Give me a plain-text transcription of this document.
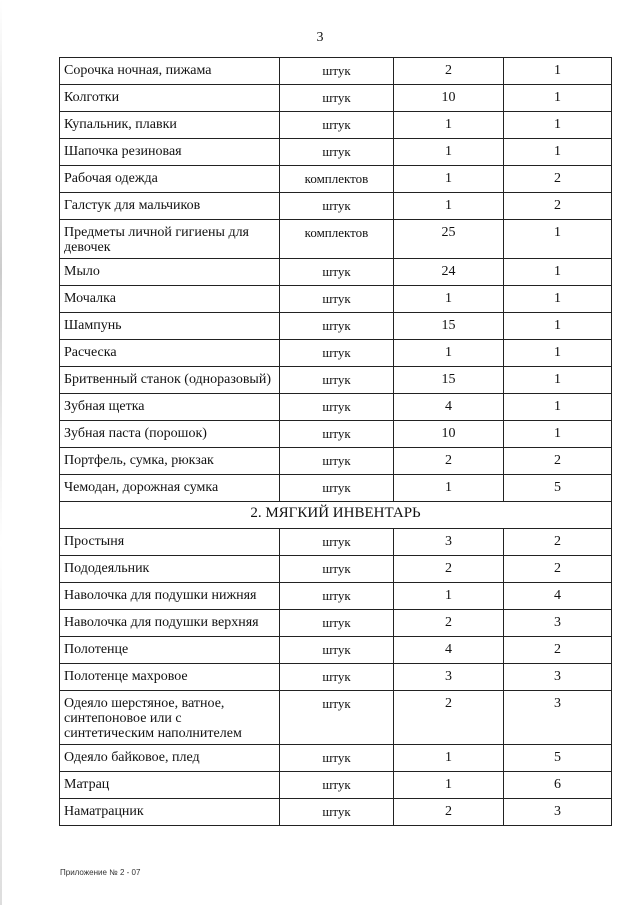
3
Сорочка ночная, пижама	штук	2	1
Колготки	штук	10	1
Купальник, плавки	штук	1	1
Шапочка резиновая	штук	1	1
Рабочая одежда	комплектов	1	2
Галстук для мальчиков	штук	1	2
Предметы личной гигиены для девочек	комплектов	25	1
Мыло	штук	24	1
Мочалка	штук	1	1
Шампунь	штук	15	1
Расческа	штук	1	1
Бритвенный станок (одноразовый)	штук	15	1
Зубная щетка	штук	4	1
Зубная паста (порошок)	штук	10	1
Портфель, сумка, рюкзак	штук	2	2
Чемодан, дорожная сумка	штук	1	5
2. МЯГКИЙ ИНВЕНТАРЬ			
Простыня	штук	3	2
Пододеяльник	штук	2	2
Наволочка для подушки нижняя	штук	1	4
Наволочка для подушки верхняя	штук	2	3
Полотенце	штук	4	2
Полотенце махровое	штук	3	3
Одеяло шерстяное, ватное, синтепоновое или с синтетическим наполнителем	штук	2	3
Одеяло байковое, плед	штук	1	5
Матрац	штук	1	6
Наматрацник	штук	2	3
Приложение № 2 - 07
